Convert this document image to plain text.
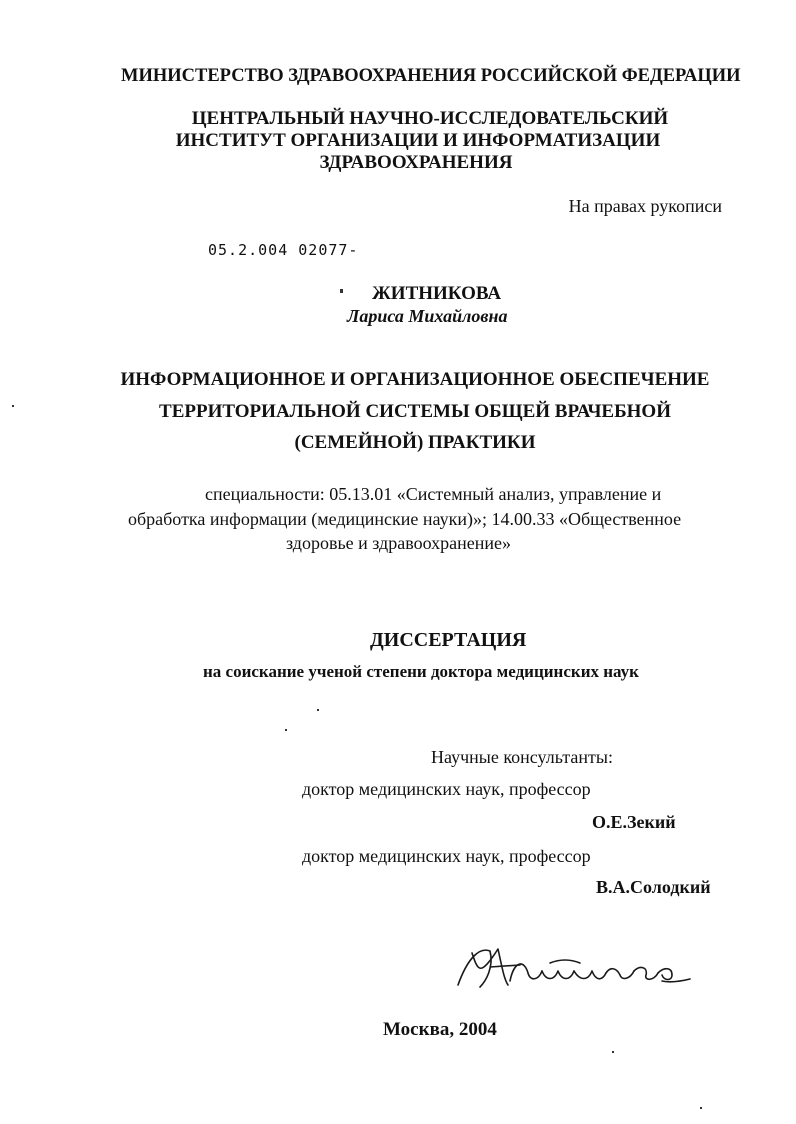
МИНИСТЕРСТВО ЗДРАВООХРАНЕНИЯ РОССИЙСКОЙ ФЕДЕРАЦИИ
ЦЕНТРАЛЬНЫЙ НАУЧНО-ИССЛЕДОВАТЕЛЬСКИЙ
ИНСТИТУТ ОРГАНИЗАЦИИ И ИНФОРМАТИЗАЦИИ
ЗДРАВООХРАНЕНИЯ
На правах рукописи
05.2.004 02077-
ЖИТНИКОВА
Лариса Михайловна
ИНФОРМАЦИОННОЕ И ОРГАНИЗАЦИОННОЕ ОБЕСПЕЧЕНИЕ
ТЕРРИТОРИАЛЬНОЙ СИСТЕМЫ ОБЩЕЙ ВРАЧЕБНОЙ
(СЕМЕЙНОЙ) ПРАКТИКИ
специальности: 05.13.01 «Системный анализ, управление и
обработка информации (медицинские науки)»; 14.00.33 «Общественное
здоровье и здравоохранение»
ДИССЕРТАЦИЯ
на соискание ученой степени доктора медицинских наук
Научные консультанты:
доктор медицинских наук, профессор
О.Е.Зекий
доктор медицинских наук, профессор
В.А.Солодкий
Москва, 2004
